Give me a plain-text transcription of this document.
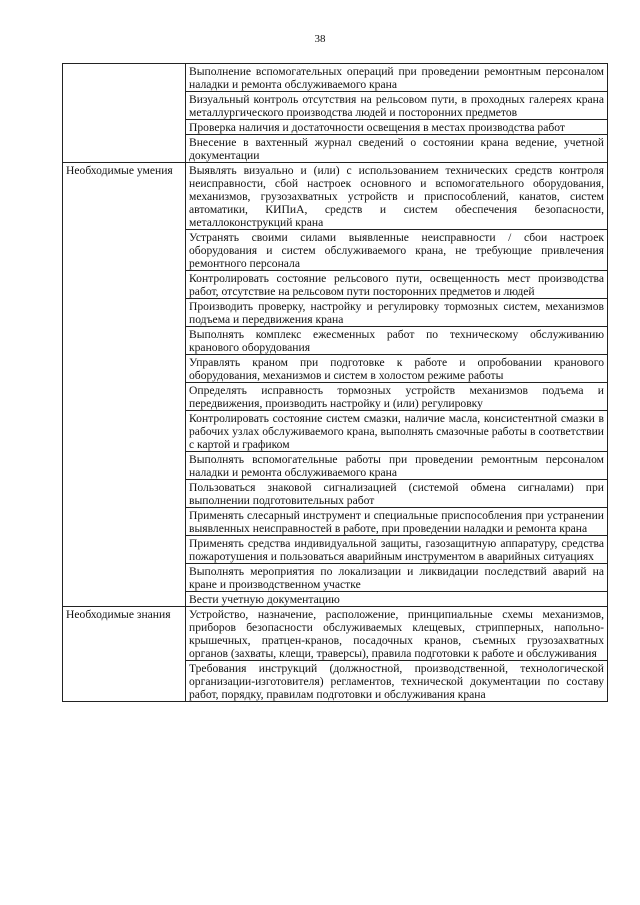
38
	Выполнение вспомогательных операций при проведении ремонтным персоналом наладки и ремонта обслуживаемого крана
	Визуальный контроль отсутствия на рельсовом пути, в проходных галереях крана металлургического производства людей и посторонних предметов
	Проверка наличия и достаточности освещения в местах производства работ
	Внесение в вахтенный журнал сведений о состоянии крана ведение, учетной документации
Необходимые умения	Выявлять визуально и (или) с использованием технических средств контроля неисправности, сбой настроек основного и вспомогательного оборудования, механизмов, грузозахватных устройств и приспособлений, канатов, систем автоматики, КИПиА, средств и систем обеспечения безопасности, металлоконструкций крана
	Устранять своими силами выявленные неисправности / сбои настроек оборудования и систем обслуживаемого крана, не требующие привлечения ремонтного персонала
	Контролировать состояние рельсового пути, освещенность мест производства работ, отсутствие на рельсовом пути посторонних предметов и людей
	Производить проверку, настройку и регулировку тормозных систем, механизмов подъема и передвижения крана
	Выполнять комплекс ежесменных работ по техническому обслуживанию кранового оборудования
	Управлять краном при подготовке к работе и опробовании кранового оборудования, механизмов и систем в холостом режиме работы
	Определять исправность тормозных устройств механизмов подъема и передвижения, производить настройку и (или) регулировку
	Контролировать состояние систем смазки, наличие масла, консистентной смазки в рабочих узлах обслуживаемого крана, выполнять смазочные работы в соответствии с картой и графиком
	Выполнять вспомогательные работы при проведении ремонтным персоналом наладки и ремонта обслуживаемого крана
	Пользоваться знаковой сигнализацией (системой обмена сигналами) при выполнении подготовительных работ
	Применять слесарный инструмент и специальные приспособления при устранении выявленных неисправностей в работе, при проведении наладки и ремонта крана
	Применять средства индивидуальной защиты, газозащитную аппаратуру, средства пожаротушения и пользоваться аварийным инструментом в аварийных ситуациях
	Выполнять мероприятия по локализации и ликвидации последствий аварий на кране и производственном участке
	Вести учетную документацию
Необходимые знания	Устройство, назначение, расположение, принципиальные схемы механизмов, приборов безопасности обслуживаемых клещевых, стрипперных, напольно-крышечных, пратцен-кранов, посадочных кранов, съемных грузозахватных органов (захваты, клещи, траверсы), правила подготовки к работе и обслуживания
	Требования инструкций (должностной, производственной, технологической организации-изготовителя) регламентов, технической документации по составу работ, порядку, правилам подготовки и обслуживания крана
